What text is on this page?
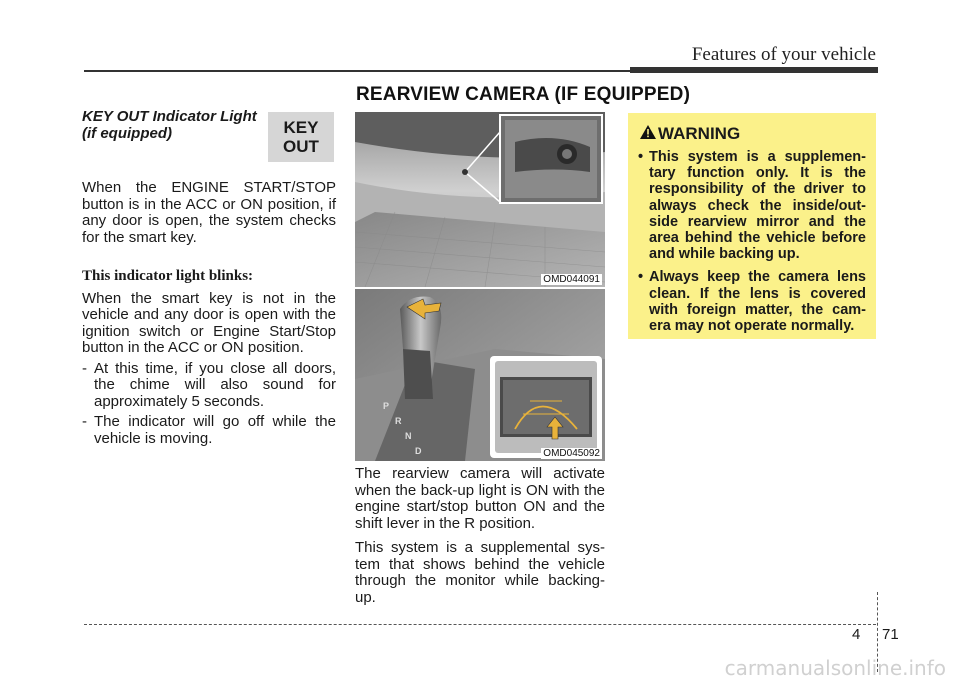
Features of your vehicle
REARVIEW CAMERA (IF EQUIPPED)
KEY OUT Indicator Light (if equipped)

When the ENGINE START/STOP button is in the ACC or ON position, if any door is open, the system checks for the smart key.

This indicator light blinks:

When the smart key is not in the vehicle and any door is open with the ignition switch or Engine Start/Stop button in the ACC or ON position.

- At this time, if you close all doors, the chime will also sound for approximately 5 seconds.

- The indicator will go off while the vehicle is moving.

KEY
OUT
OMD044091
P
R
N
D	OMD045092

The rearview camera will activate when the back-up light is ON with the engine start/stop button ON and the shift lever in the R position.

This system is a supplemental sys-tem that shows behind the vehicle through the monitor while backing-up.

WARNING

• This system is a supplemen-tary function only. It is the responsibility of the driver to always check the inside/out-side rearview mirror and the area behind the vehicle before and while backing up.

• Always keep the camera lens clean. If the lens is covered with foreign matter, the cam-era may not operate normally.

4 71
carmanualsonline.info
